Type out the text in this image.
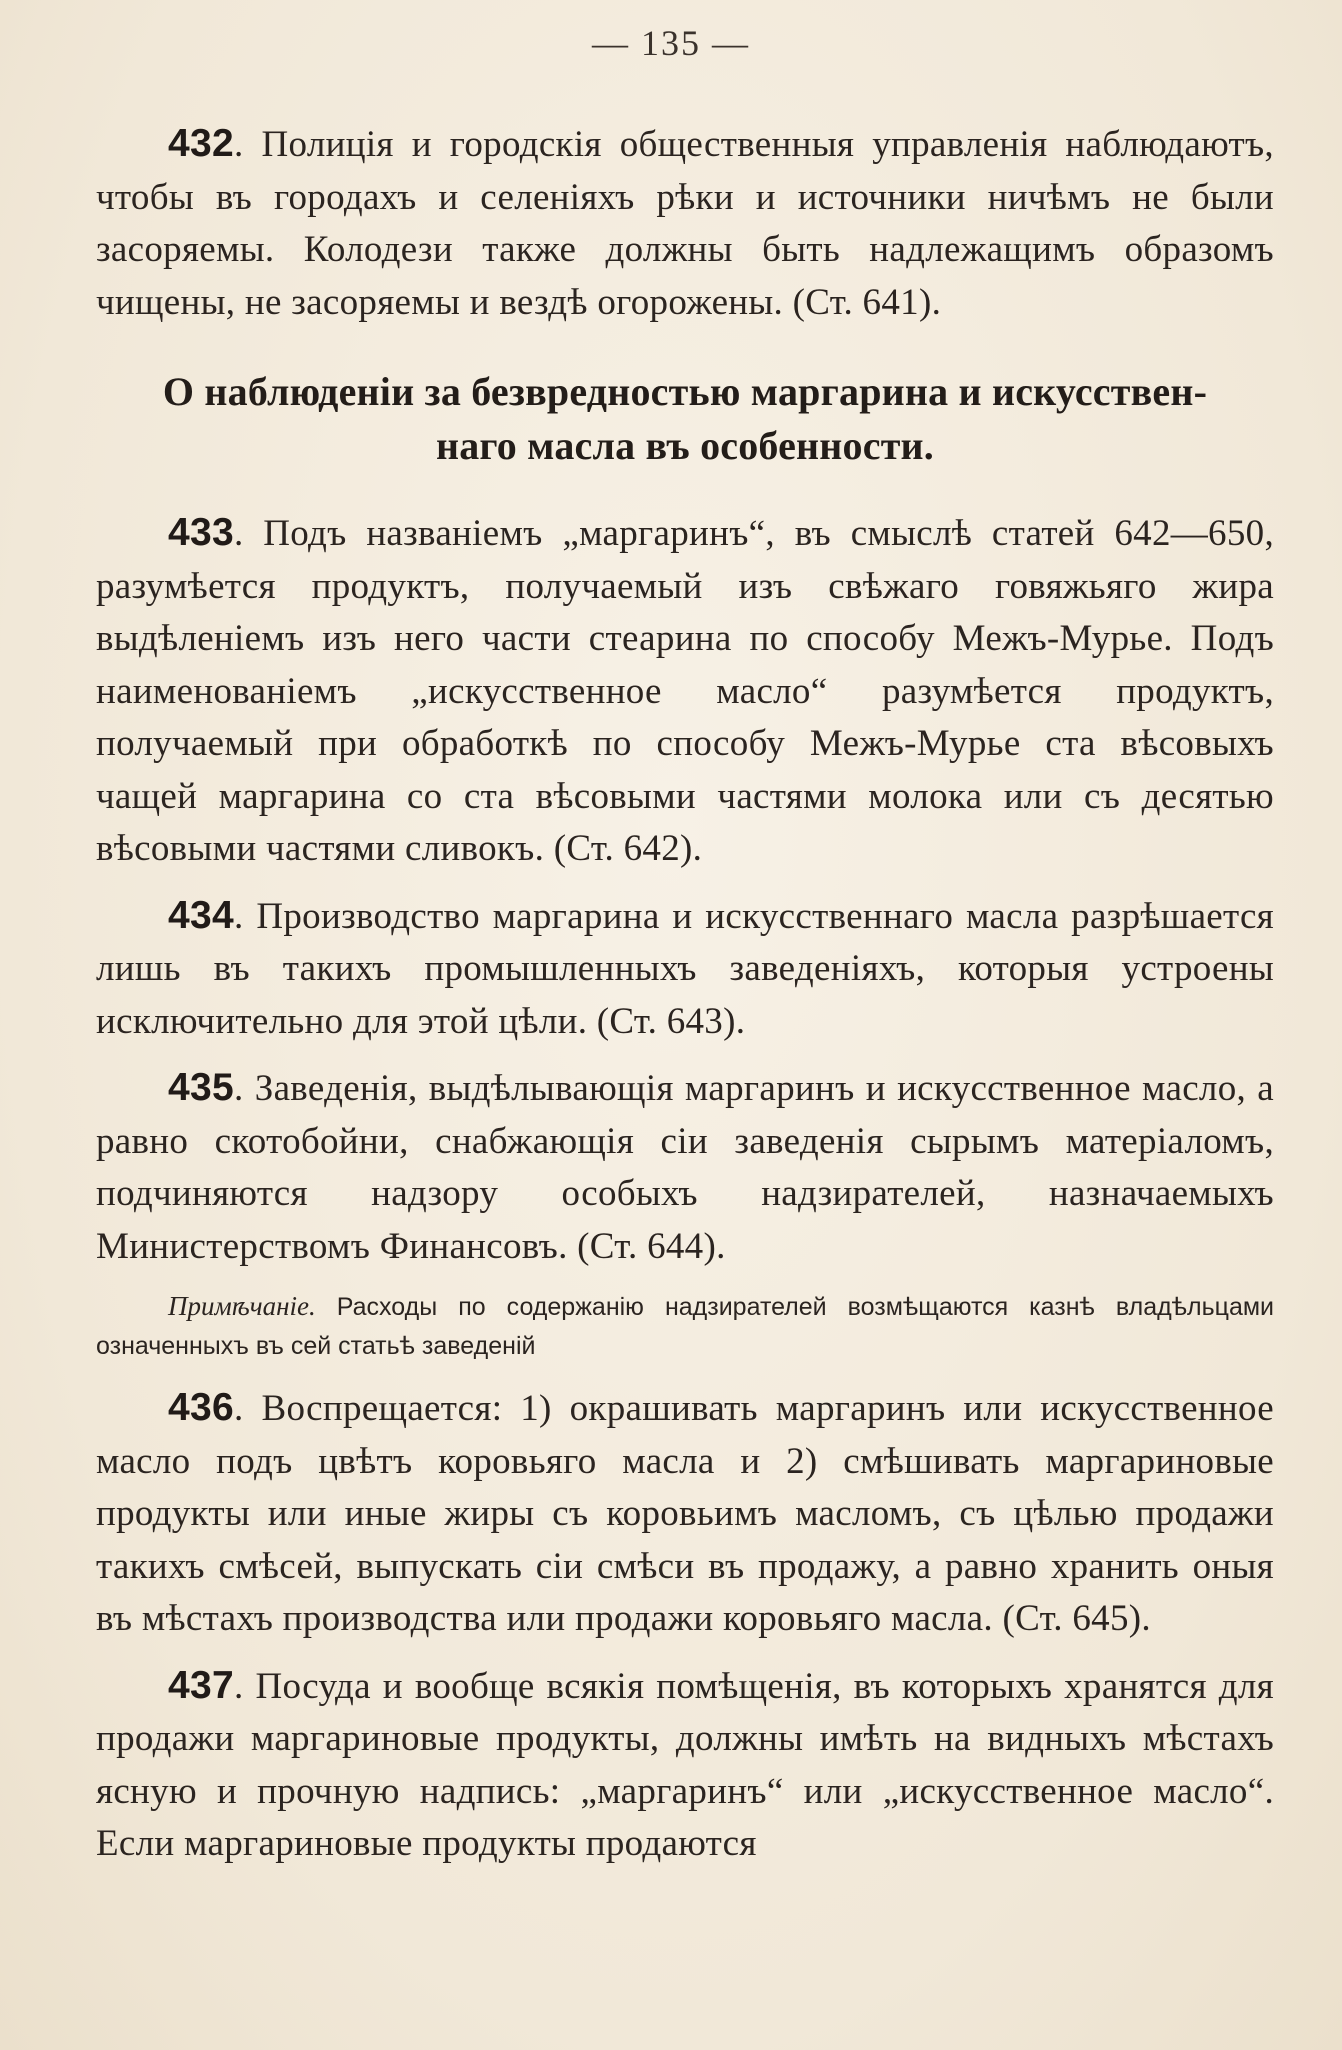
— 135 —

432. Полиція и городскія общественныя управленія наблюдаютъ, чтобы въ городахъ и селеніяхъ рѣки и источники ничѣмъ не были засоряемы. Колодези также должны быть надлежащимъ образомъ чищены, не засоряемы и вездѣ огорожены. (Ст. 641).

О наблюденіи за безвредностью маргарина и искусствен-
наго масла въ особенности.

433. Подъ названіемъ „маргаринъ“, въ смыслѣ статей 642—650, разумѣется продуктъ, получаемый изъ свѣжаго говяжьяго жира выдѣленіемъ изъ него части стеарина по способу Межъ-Мурье. Подъ наименованіемъ „искусственное масло“ разумѣется продуктъ, получаемый при обработкѣ по способу Межъ-Мурье ста вѣсовыхъ чащей маргарина со ста вѣсовыми частями молока или съ десятью вѣсовыми частями сливокъ. (Ст. 642).

434. Производство маргарина и искусственнаго масла разрѣшается лишь въ такихъ промышленныхъ заведеніяхъ, которыя устроены исключительно для этой цѣли. (Ст. 643).

435. Заведенія, выдѣлывающія маргаринъ и искусственное масло, а равно скотобойни, снабжающія сіи заведенія сырымъ матеріаломъ, подчиняются надзору особыхъ надзирателей, назначаемыхъ Министерствомъ Финансовъ. (Ст. 644).

Примѣчаніе. Расходы по содержанію надзирателей возмѣщаются казнѣ владѣльцами означенныхъ въ сей статьѣ заведеній

436. Воспрещается: 1) окрашивать маргаринъ или искусственное масло подъ цвѣтъ коровьяго масла и 2) смѣшивать маргариновые продукты или иные жиры съ коровьимъ масломъ, съ цѣлью продажи такихъ смѣсей, выпускать сіи смѣси въ продажу, а равно хранить оныя въ мѣстахъ производства или продажи коровьяго масла. (Ст. 645).

437. Посуда и вообще всякія помѣщенія, въ которыхъ хранятся для продажи маргариновые продукты, должны имѣть на видныхъ мѣстахъ ясную и прочную надпись: „маргаринъ“ или „искусственное масло“. Если маргариновые продукты продаются
